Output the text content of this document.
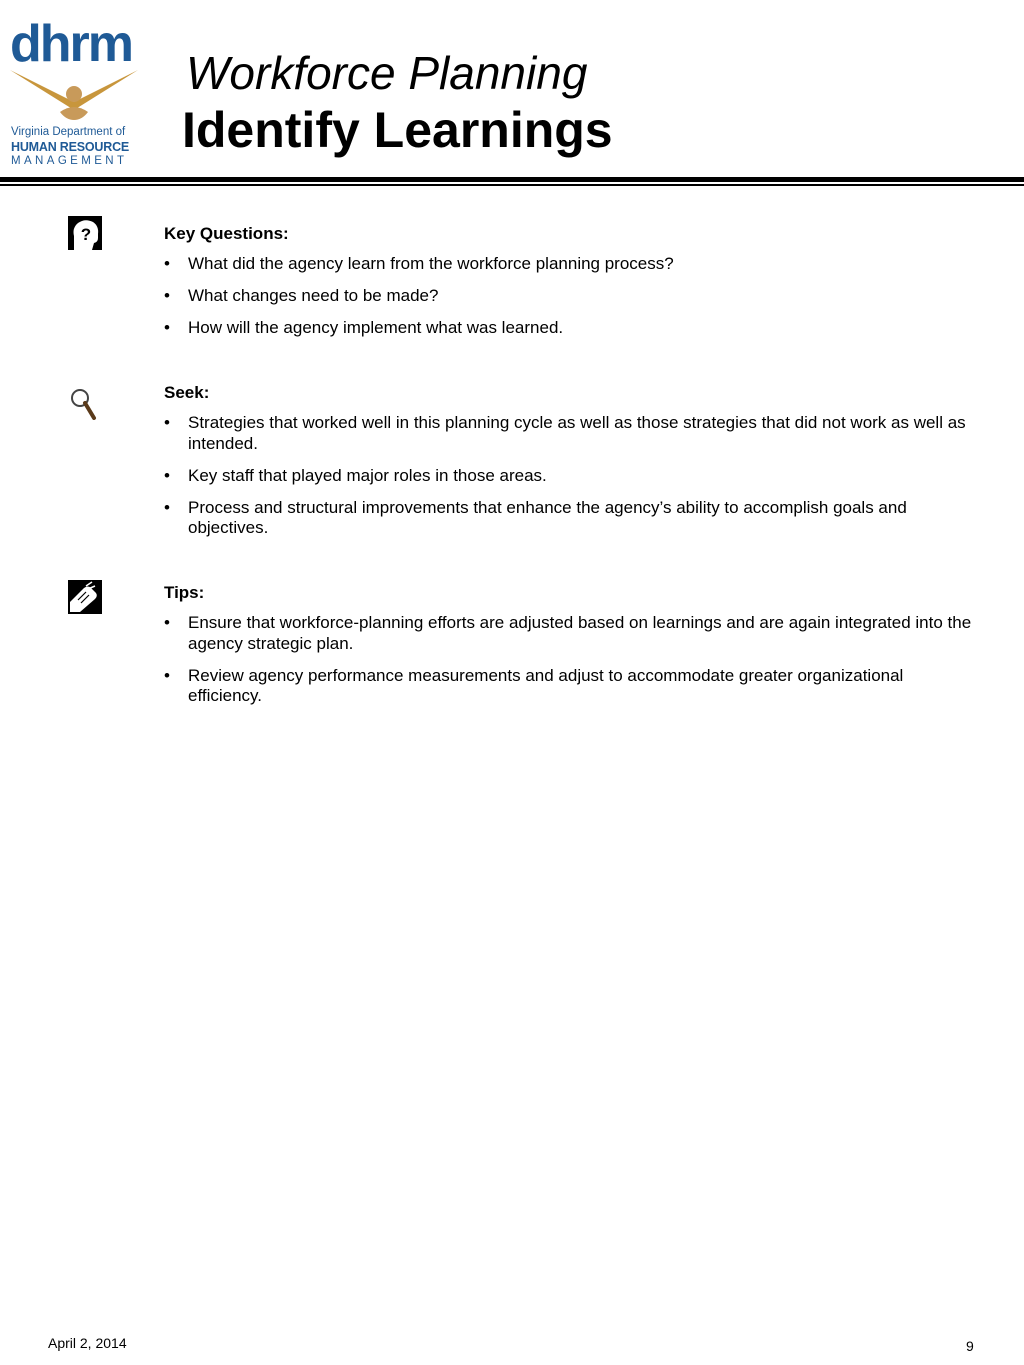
dhrm
Virginia Department of
HUMAN RESOURCE
MANAGEMENT
Workforce Planning
Identify Learnings
?	Key Questions:
• What did the agency learn from the workforce planning process?
• What changes need to be made?
• How will the agency implement what was learned.
Seek:
• Strategies that worked well in this planning cycle as well as those strategies that did not work as well as intended.
• Key staff that played major roles in those areas.
• Process and structural improvements that enhance the agency’s ability to accomplish goals and objectives.
Tips:
• Ensure that workforce-planning efforts are adjusted based on learnings and are again integrated into the agency strategic plan.
• Review agency performance measurements and adjust to accommodate greater organizational efficiency.
April 2, 2014	9
